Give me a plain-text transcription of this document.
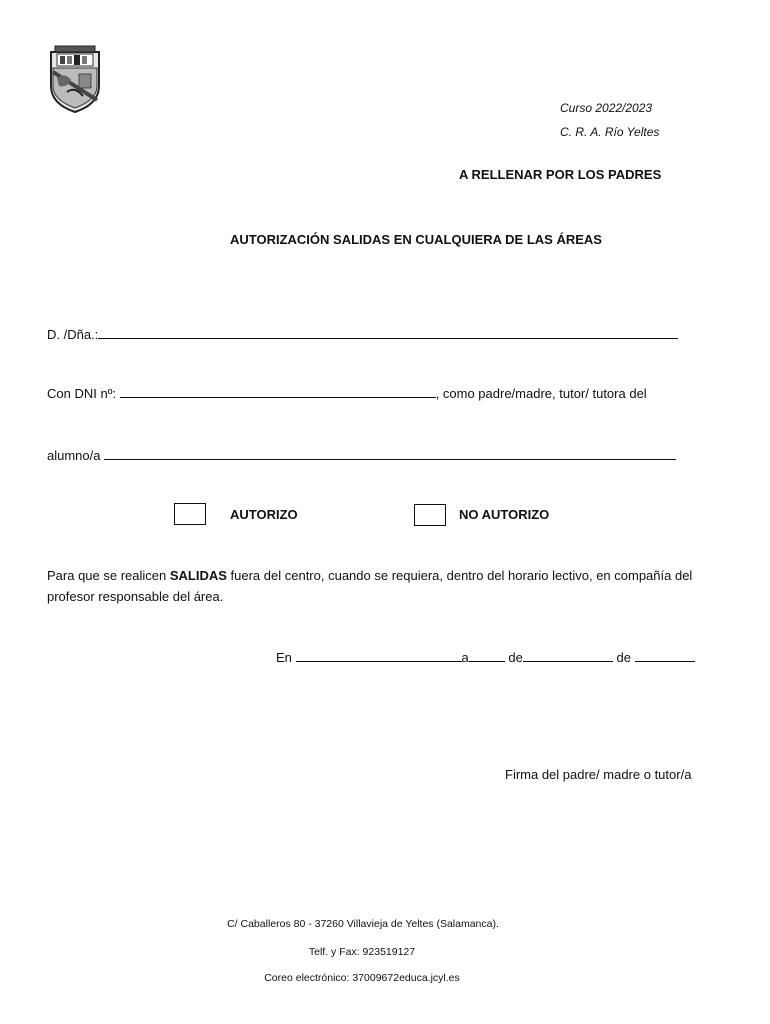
Curso 2022/2023
C. R. A. Río Yeltes
A RELLENAR POR LOS PADRES
AUTORIZACIÓN SALIDAS EN CUALQUIERA DE LAS ÁREAS
D. /Dña.:
Con DNI nº:	, como padre/madre, tutor/ tutora del
alumno/a
AUTORIZO	NO AUTORIZO
Para que se realicen SALIDAS fuera del centro, cuando se requiera, dentro del horario lectivo, en compañía del profesor responsable del área.
En	a	de	de
Firma del padre/ madre o tutor/a
C/ Caballeros 80 - 37260 Villavieja de Yeltes (Salamanca).
Telf. y Fax: 923519127
Coreo electrónico: 37009672educa.jcyl.es
